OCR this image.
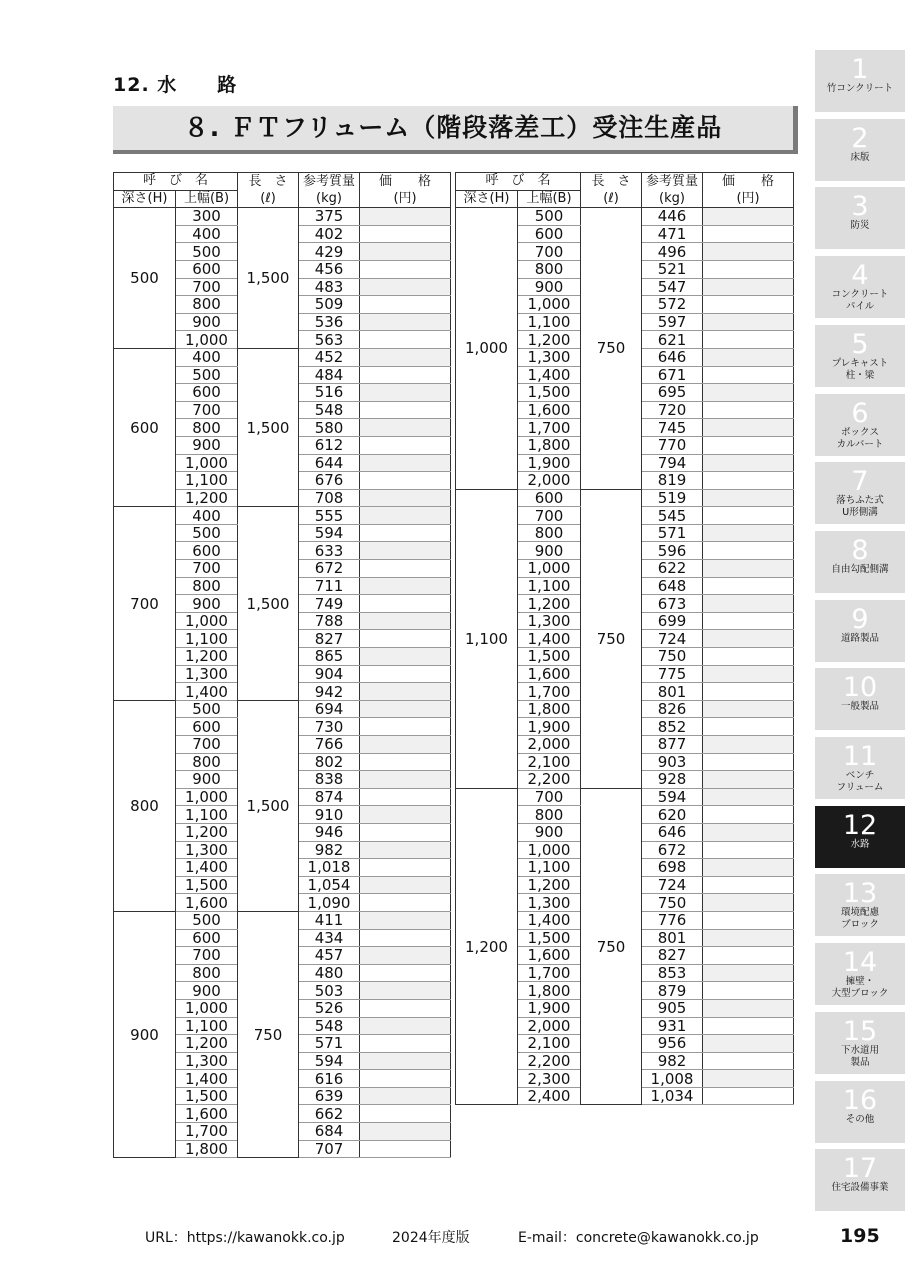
12. 水　　路
８. ＦＴフリューム（階段落差工）受注生産品
呼　び　名		長　さ	参考質量	価　　格
深さ(H)	上幅(B)	(ℓ)	(kg)	(円)
500	300	1,500	375	
	400		402	
	500		429	
	600		456	
	700		483	
	800		509	
	900		536	
	1,000		563	
600	400	1,500	452	
	500		484	
	600		516	
	700		548	
	800		580	
	900		612	
	1,000		644	
	1,100		676	
	1,200		708	
700	400	1,500	555	
	500		594	
	600		633	
	700		672	
	800		711	
	900		749	
	1,000		788	
	1,100		827	
	1,200		865	
	1,300		904	
	1,400		942	
800	500	1,500	694	
	600		730	
	700		766	
	800		802	
	900		838	
	1,000		874	
	1,100		910	
	1,200		946	
	1,300		982	
	1,400		1,018	
	1,500		1,054	
	1,600		1,090	
900	500	750	411	
	600		434	
	700		457	
	800		480	
	900		503	
	1,000		526	
	1,100		548	
	1,200		571	
	1,300		594	
	1,400		616	
	1,500		639	
	1,600		662	
	1,700		684	
	1,800		707	
呼　び　名		長　さ	参考質量	価　　格
深さ(H)	上幅(B)	(ℓ)	(kg)	(円)
1,000	500	750	446	
	600		471	
	700		496	
	800		521	
	900		547	
	1,000		572	
	1,100		597	
	1,200		621	
	1,300		646	
	1,400		671	
	1,500		695	
	1,600		720	
	1,700		745	
	1,800		770	
	1,900		794	
	2,000		819	
1,100	600	750	519	
	700		545	
	800		571	
	900		596	
	1,000		622	
	1,100		648	
	1,200		673	
	1,300		699	
	1,400		724	
	1,500		750	
	1,600		775	
	1,700		801	
	1,800		826	
	1,900		852	
	2,000		877	
	2,100		903	
	2,200		928	
1,200	700	750	594	
	800		620	
	900		646	
	1,000		672	
	1,100		698	
	1,200		724	
	1,300		750	
	1,400		776	
	1,500		801	
	1,600		827	
	1,700		853	
	1,800		879	
	1,900		905	
	2,000		931	
	2,100		956	
	2,200		982	
	2,300		1,008	
	2,400		1,034	
1
竹コンクリート
2
床版
3
防災
4
コンクリート
パイル
5
プレキャスト
柱・梁
6
ボックス
カルバート
7
落ちふた式
U形側溝
8
自由勾配側溝
9
道路製品
10
一般製品
11
ベンチ
フリューム
12
水路
13
環境配慮
ブロック
14
擁壁・
大型ブロック
15
下水道用
製品
16
その他
17
住宅設備事業
URL：https://kawanokk.co.jp	2024年度版	E-mail：concrete@kawanokk.co.jp	195
